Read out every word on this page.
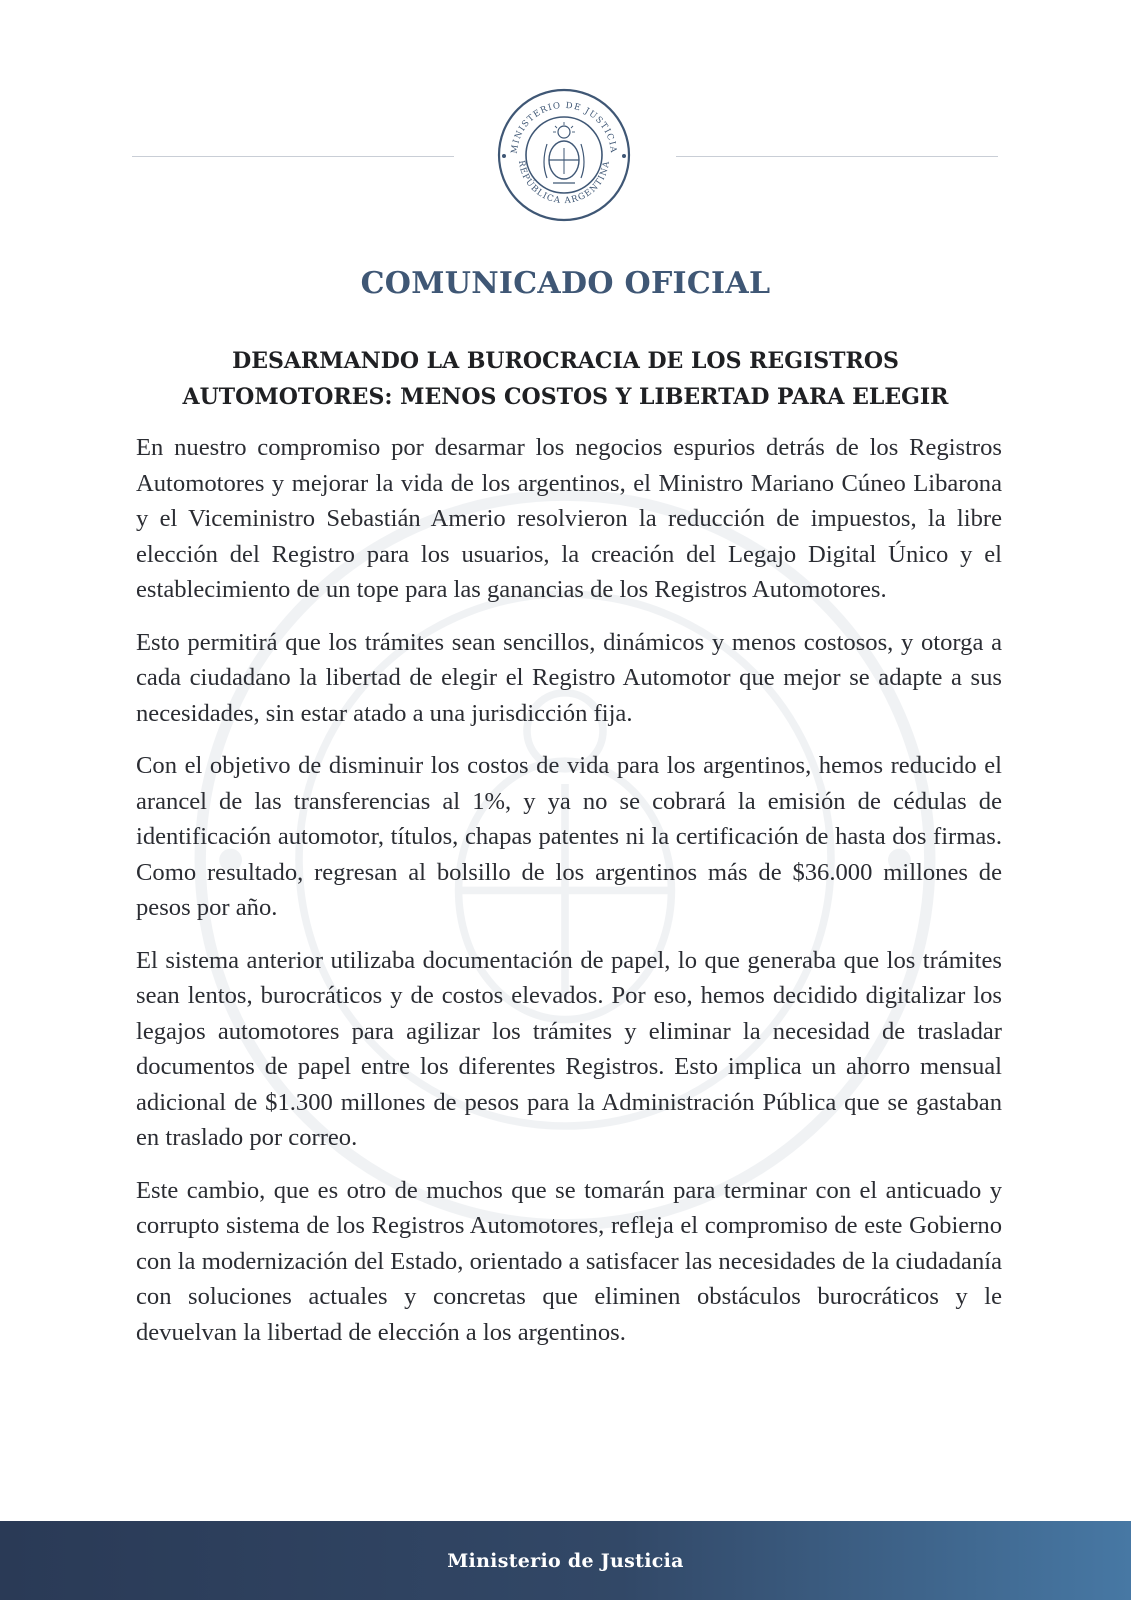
MINISTERIO DE JUSTICIA
REPÚBLICA ARGENTINA
COMUNICADO OFICIAL
DESARMANDO LA BUROCRACIA DE LOS REGISTROS
AUTOMOTORES: MENOS COSTOS Y LIBERTAD PARA ELEGIR

En nuestro compromiso por desarmar los negocios espurios detrás de los Registros Automotores y mejorar la vida de los argentinos, el Ministro Mariano Cúneo Libarona y el Viceministro Sebastián Amerio resolvieron la reducción de impuestos, la libre elección del Registro para los usuarios, la creación del Legajo Digital Único y el establecimiento de un tope para las ganancias de los Registros Automotores.

Esto permitirá que los trámites sean sencillos, dinámicos y menos costosos, y otorga a cada ciudadano la libertad de elegir el Registro Automotor que mejor se adapte a sus necesidades, sin estar atado a una jurisdicción fija.

Con el objetivo de disminuir los costos de vida para los argentinos, hemos reducido el arancel de las transferencias al 1%, y ya no se cobrará la emisión de cédulas de identificación automotor, títulos, chapas patentes ni la certificación de hasta dos firmas. Como resultado, regresan al bolsillo de los argentinos más de $36.000 millones de pesos por año.

El sistema anterior utilizaba documentación de papel, lo que generaba que los trámites sean lentos, burocráticos y de costos elevados. Por eso, hemos decidido digitalizar los legajos automotores para agilizar los trámites y eliminar la necesidad de trasladar documentos de papel entre los diferentes Registros. Esto implica un ahorro mensual adicional de $1.300 millones de pesos para la Administración Pública que se gastaban en traslado por correo.

Este cambio, que es otro de muchos que se tomarán para terminar con el anticuado y corrupto sistema de los Registros Automotores, refleja el compromiso de este Gobierno con la modernización del Estado, orientado a satisfacer las necesidades de la ciudadanía con soluciones actuales y concretas que eliminen obstáculos burocráticos y le devuelvan la libertad de elección a los argentinos.

Ministerio de Justicia
